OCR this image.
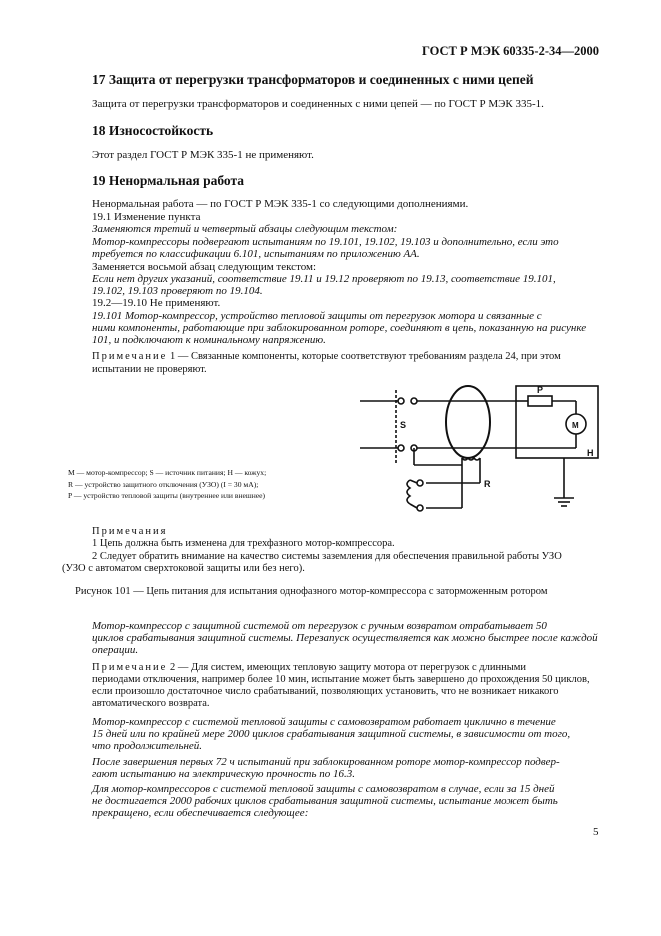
ГОСТ Р МЭК 60335-2-34—2000
17 Защита от перегрузки трансформаторов и соединенных с ними цепей
Защита от перегрузки трансформаторов и соединенных с ними цепей — по ГОСТ Р МЭК 335-1.
18 Износостойкость
Этот раздел ГОСТ Р МЭК 335-1 не применяют.
19 Ненормальная работа
Ненормальная работа — по ГОСТ Р МЭК 335-1 со следующими дополнениями.
19.1 Изменение пункта
Заменяются третий и четвертый абзацы следующим текстом:
Мотор-компрессоры подвергают испытаниям по 19.101, 19.102, 19.103 и дополнительно, если это
требуется по классификации 6.101, испытаниям по приложению АА.
Заменяется восьмой абзац следующим текстом:
Если нет других указаний, соответствие 19.11 и 19.12 проверяют по 19.13, соответствие 19.101,
19.102, 19.103 проверяют по 19.104.
19.2—19.10 Не применяют.
19.101 Мотор-компрессор, устройство тепловой защиты от перегрузок мотора и связанные с
ними компоненты, работающие при заблокированном роторе, соединяют в цепь, показанную на рисунке
101, и подключают к номинальному напряжению.
Примечание 1 — Связанные компоненты, которые соответствуют требованиям раздела 24, при этом
испытании не проверяют.
P
M
S
H
R
M — мотор-компрессор; S — источник питания; H — кожух;
R — устройство защитного отключения (УЗО) (I = 30 мА);
P — устройство тепловой защиты (внутреннее или внешнее)
Примечания
1 Цепь должна быть изменена для трехфазного мотор-компрессора.
2 Следует обратить внимание на качество системы заземления для обеспечения правильной работы УЗО
(УЗО с автоматом сверхтоковой защиты или без него).
Рисунок 101 — Цепь питания для испытания однофазного мотор-компрессора с заторможенным ротором
Мотор-компрессор с защитной системой от перегрузок с ручным возвратом отрабатывает 50
циклов срабатывания защитной системы. Перезапуск осуществляется как можно быстрее после каждой
операции.
Примечание 2 — Для систем, имеющих тепловую защиту мотора от перегрузок с длинными
периодами отключения, например более 10 мин, испытание может быть завершено до прохождения 50 циклов,
если произошло достаточное число срабатываний, позволяющих установить, что не возникает никакого
автоматического возврата.
Мотор-компрессор с системой тепловой защиты с самовозвратом работает циклично в течение
15 дней или по крайней мере 2000 циклов срабатывания защитной системы, в зависимости от того,
что продолжительней.
После завершения первых 72 ч испытаний при заблокированном роторе мотор-компрессор подвер-
гают испытанию на электрическую прочность по 16.3.
Для мотор-компрессоров с системой тепловой защиты с самовозвратом в случае, если за 15 дней
не достигается 2000 рабочих циклов срабатывания защитной системы, испытание может быть
прекращено, если обеспечивается следующее:
5
